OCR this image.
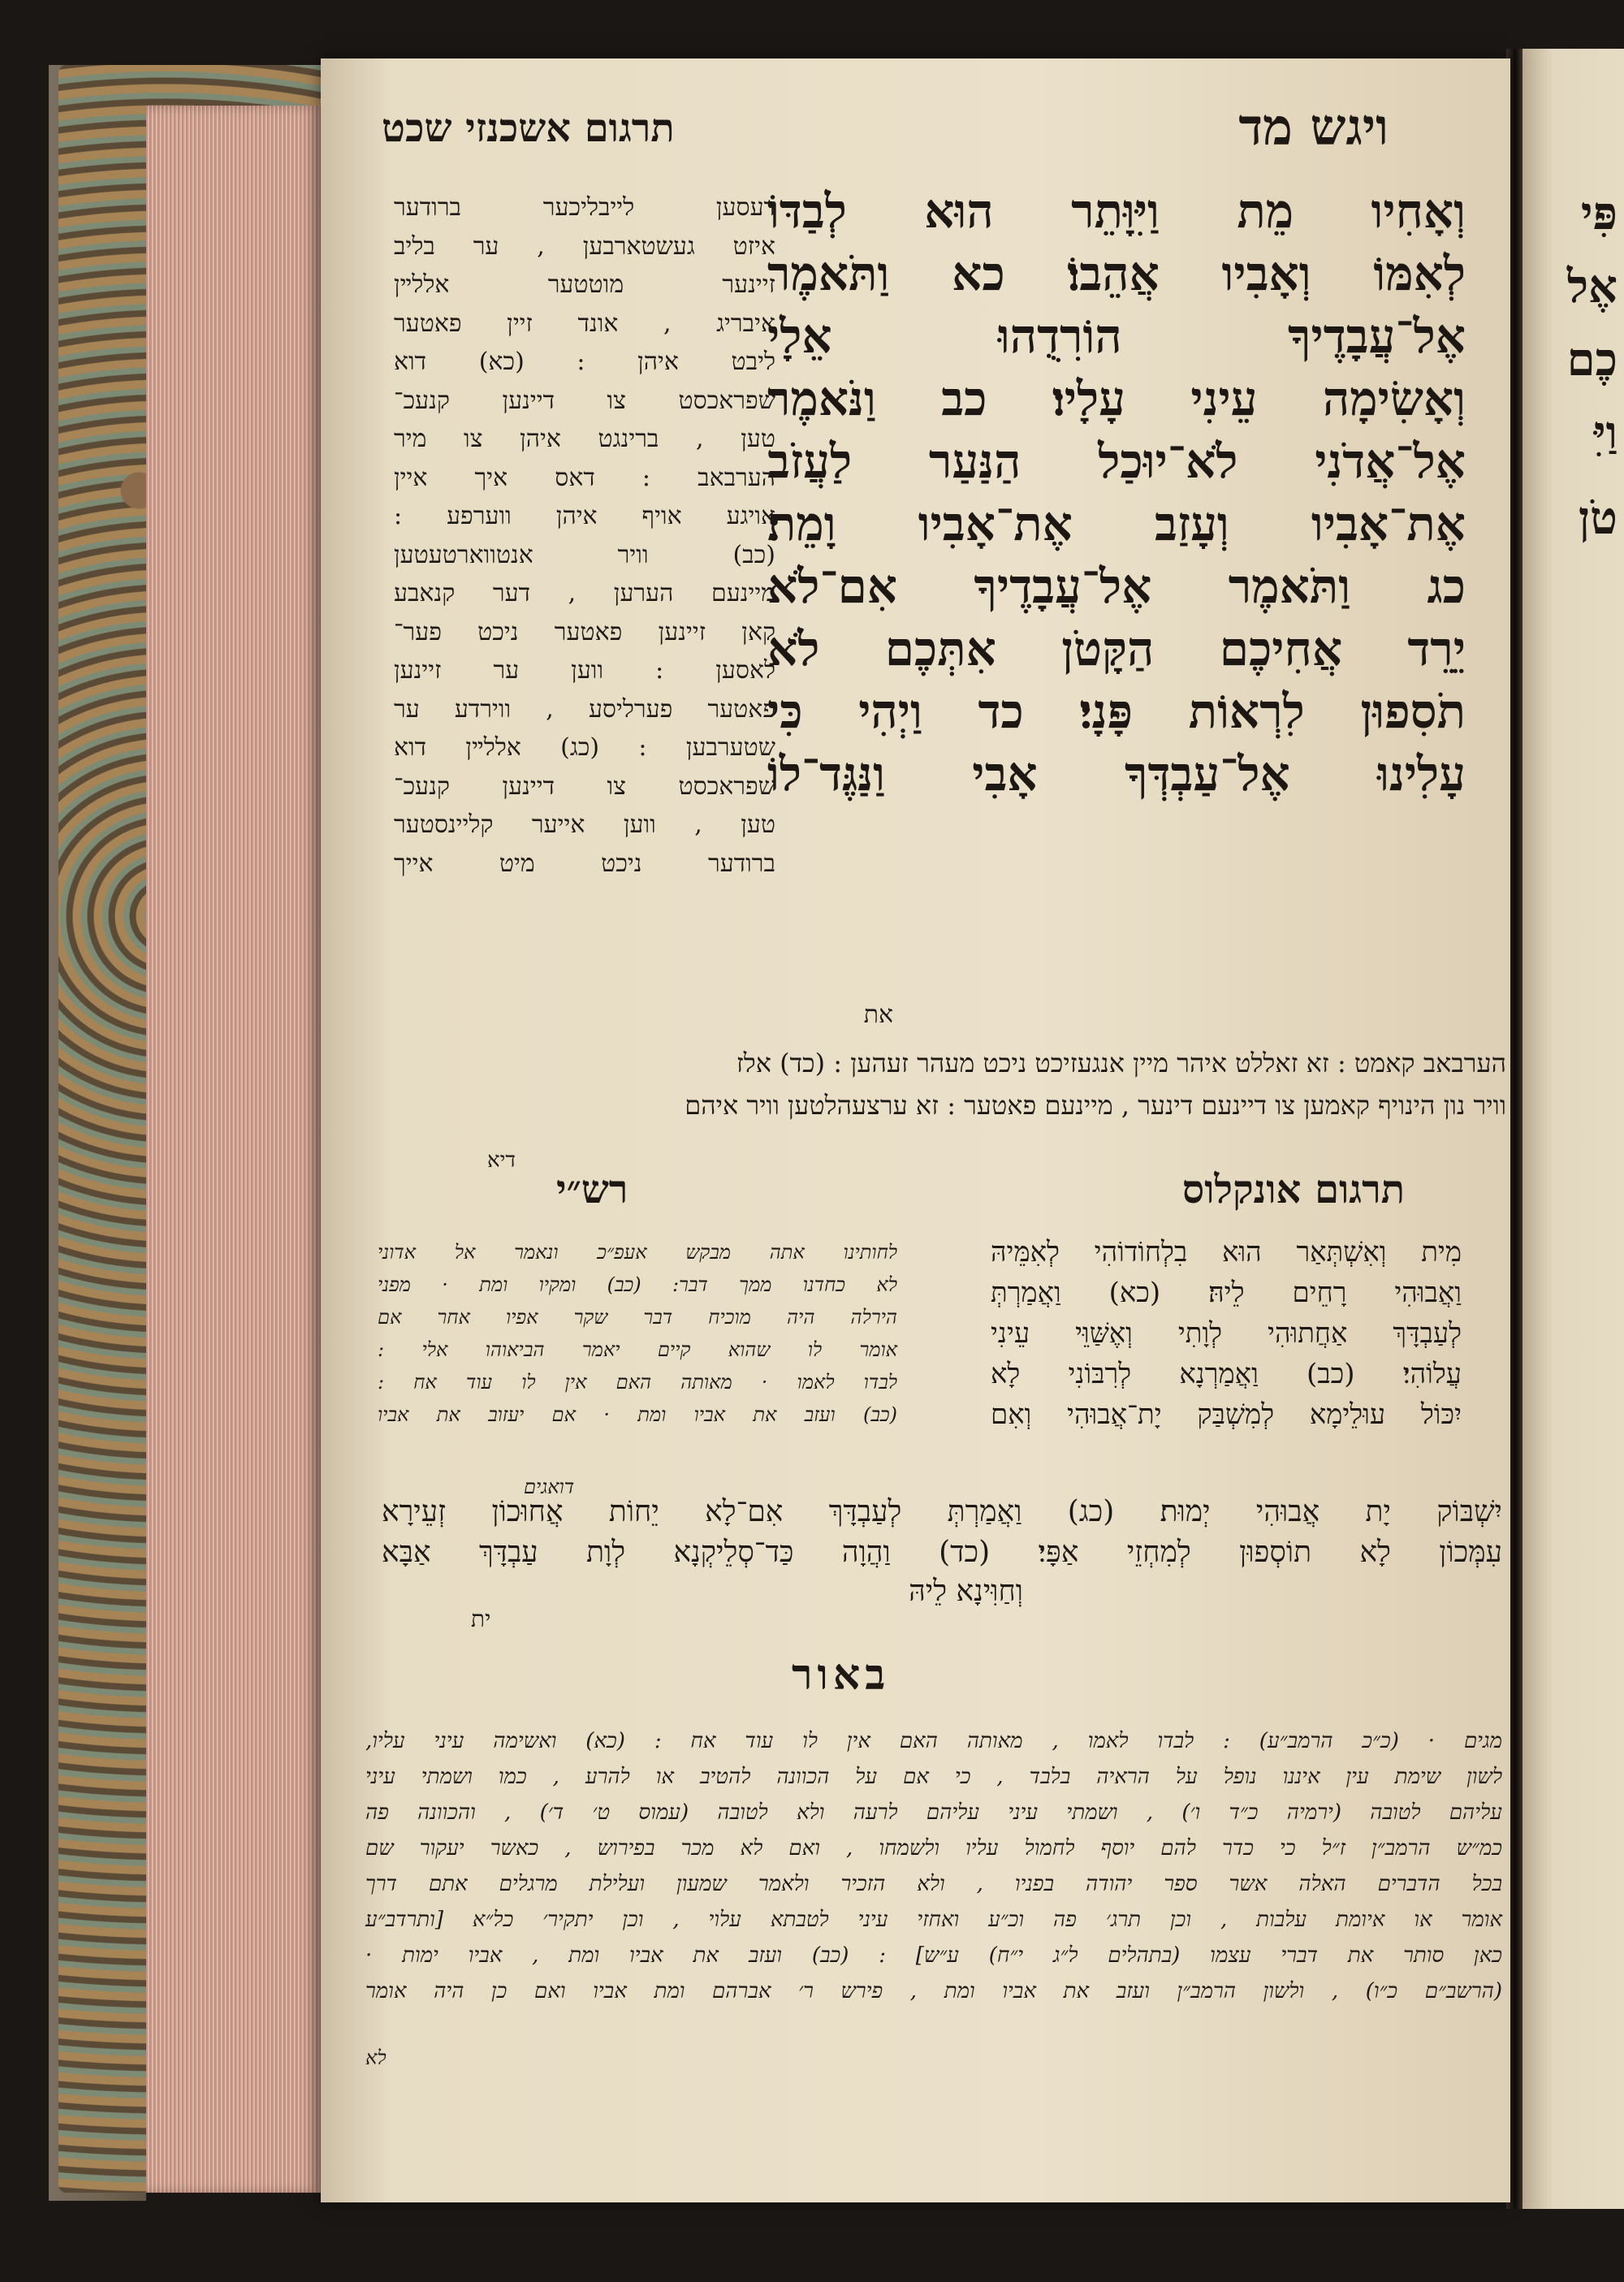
פִּי
אֶל
כֶם
וַיִּ
טֹן
ויגש מד
תרגום אשכנזי שכט
וְאָחִיו מֵת וַיִּוָּתֵר הוּא לְבַדּוֹ
לְאִמּוֹ וְאָבִיו אֲהֵבוֹ׃ כא וַתֹּאמֶר
אֶל־עֲבָדֶיךָ הוֹרִדֻהוּ אֵלָי
וְאָשִׂימָה עֵינִי עָלָיו׃ כב וַנֹּאמֶר
אֶל־אֲדֹנִי לֹא־יוּכַל הַנַּעַר לַעֲזֹב
אֶת־אָבִיו וְעָזַב אֶת־אָבִיו וָמֵת׃
כג וַתֹּאמֶר אֶל־עֲבָדֶיךָ אִם־לֹא
יֵרֵד אֲחִיכֶם הַקָּטֹן אִתְּכֶם לֹא
תֹסִפוּן לִרְאוֹת פָּנָי׃ כד וַיְהִי כִּי
עָלִינוּ אֶל־עַבְדְּךָ אָבִי וַנַּגֶּד־לוֹ
את
דעסען לייבליכער ברודער
איזט געשטארבען , ער בליב
זיינער מוטטער אללײן
איבריג , אונד זיין פאטער
ליבט איהן : (כא) דוא
שפראכסט צו דיינען קנעכ־
טען , ברינגט איהן צו מיר
הערבאב : דאס איך איין
אויגע אויף איהן ווערפע :
(כב) וויר אנטווארטעטען
מיינעם הערען , דער קנאבע
קאן זיינען פאטער ניכט פער־
לאסען : ווען ער זיינען
פאטער פערליסע , ווירדע ער
שטערבען : (כג) אללײן דוא
שפראכסט צו דיינען קנעכ־
טען , ווען אייער קליינסטער
ברודער ניכט מיט אייך
הערבאב קאמט : זא זאללט איהר מיין אנגעזיכט ניכט מעהר זעהען : (כד) אלז
וויר נון הינויף קאמען צו דיינעם דינער , מיינעם פאטער : זא ערצעהלטען וויר איהם
דיא
תרגום אונקלוס
רש״י
מִית וְאִשְׁתְּאַר הוּא בִלְחוֹדוֹהִי לְאִמֵּיהּ
וַאֲבוּהִי רָחֵים לֵיהּ׃ (כא) וַאֲמַרְתְּ
לְעַבְדָּךְ אַחֲתוּהִי לְוָתִי וְאֶשַּׁוֵּי עֵינִי
עֲלוֹהִי׃ (כב) וַאֲמַרְנָא לְרִבּוֹנִי לָא
יִכּוֹל עוּלֵימָא לְמִשְׁבַּק יָת־אֲבוּהִי וְאִם
לחותינו אתה מבקש אעפ״כ ונאמר אל אדוני
לא כחדנו ממך דבר: (כב) ומקיו ומת · מפני
הירלה היה מוכיח דבר שקר אפיו אחר אם
אומר לו שהוא קיים יאמר הביאוהו אלי :
לבדו לאמו · מאותה האם אין לו עוד אח :
(כב) ועזב את אביו ומת · אם יעזוב את אביו
דואגים
יִשְׁבּוֹק יָת אֲבוּהִי יְמוּת׃ (כג) וַאֲמַרְתְּ לְעַבְדָּךְ אִם־לָא יֵחוֹת אֲחוּכוֹן זְעֵירָא
עִמְּכוֹן לָא תוֹסְפוּן לְמִחְזֵי אַפָּי׃ (כד) וַהֲוָה כַּד־סְלֵיקְנָא לְוָת עַבְדָּךְ אַבָּא
וְחַוִּינָא לֵיהּ
ית
באור
מגים · (כ״כ הרמב״ע) : לבדו לאמו , מאותה האם אין לו עוד אח : (כא) ואשימה עיני עליו,
לשון שימת עין איננו נופל על הראיה בלבד , כי אם על הכוונה להטיב או להרע , כמו ושמתי עיני
עליהם לטובה (ירמיה כ״ד ו׳) , ושמתי עיני עליהם לרעה ולא לטובה (עמוס ט׳ ד׳) , והכוונה פה
כמ״ש הרמב״ן ז״ל כי כדר להם יוסף לחמול עליו ולשמחו , ואם לא מכר בפירוש , כאשר יעקור שם
בכל הדברים האלה אשר ספר יהודה בפניו , ולא הזכיר ולאמר שמעון ועלילת מרגלים אתם דרך
אומר או איומת עלבות , וכן תרג׳ פה וכ״ע ואחזי עיני לטבתא עלוי , וכן יתקיר׳ כל״א [ותרדב״ע
כאן סותר את דברי עצמו (בתהלים ל״ג י״ח) ע״ש] : (כב) ועזב את אביו ומת , אביו ימות ·
(הרשב״ם כ״ו) , ולשון הרמב״ן ועזב את אביו ומת , פירש ר׳ אברהם ומת אביו ואם כן היה אומר
לא
